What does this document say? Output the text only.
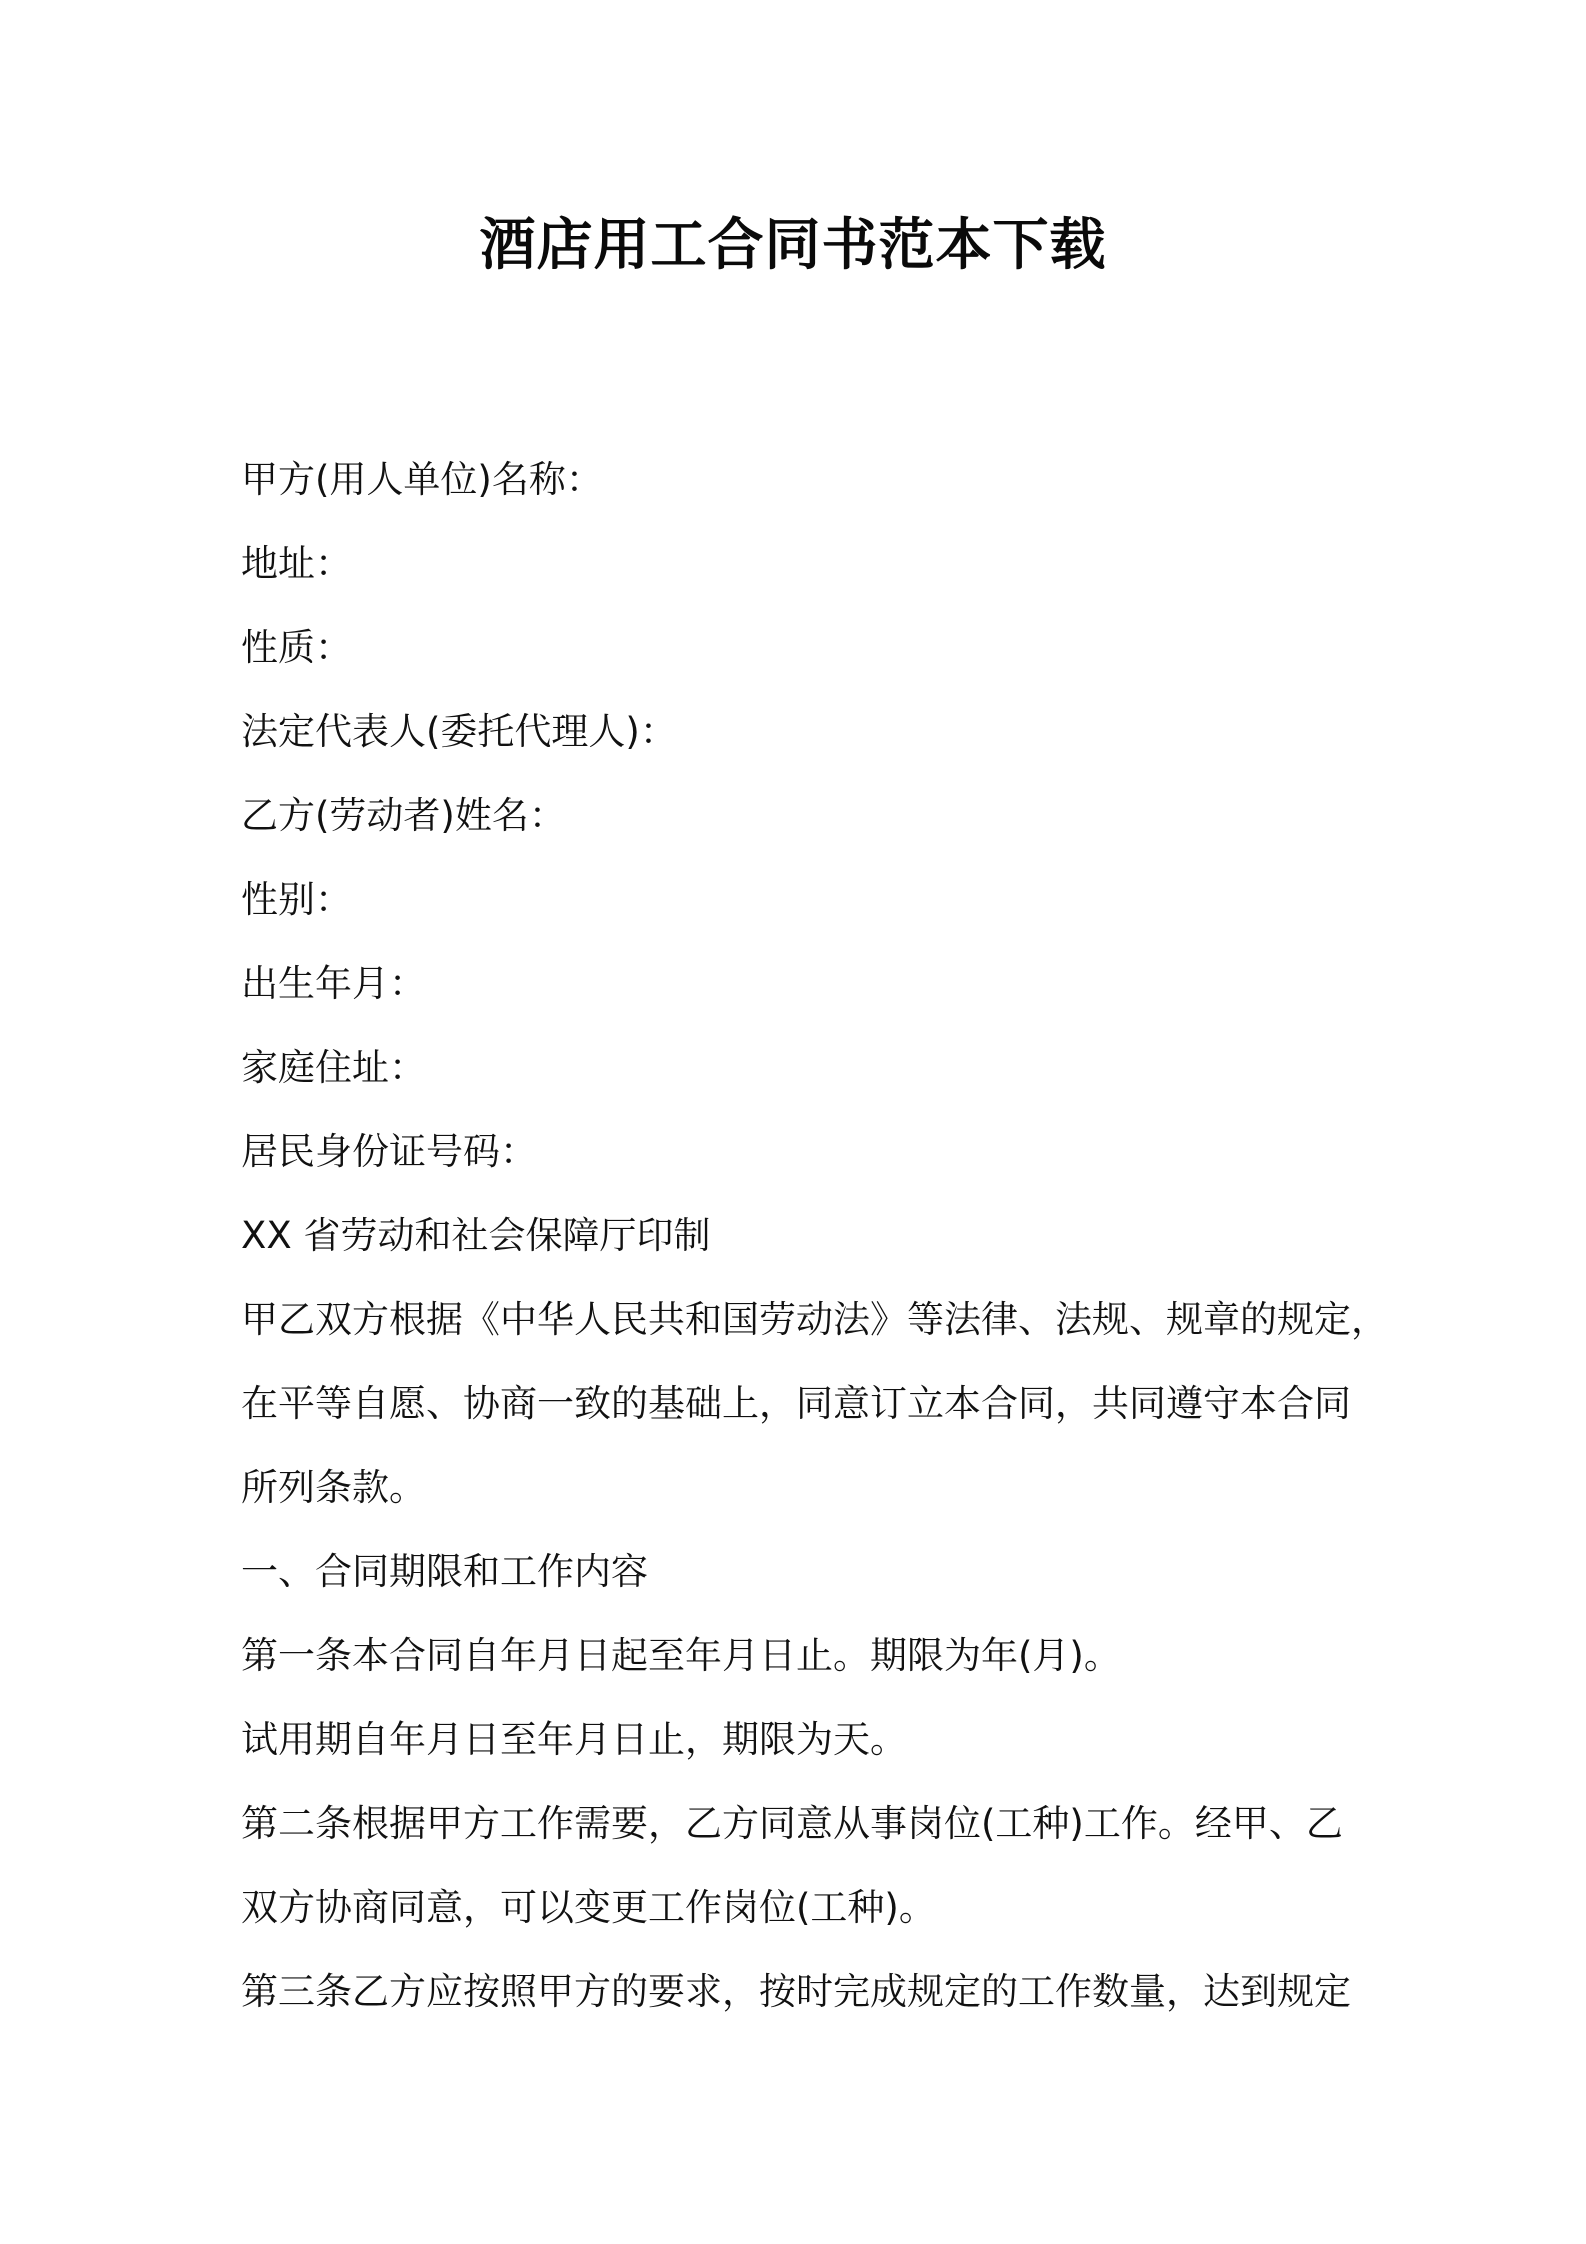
酒店用工合同书范本下载
甲方(用人单位)名称：
地址：
性质：
法定代表人(委托代理人)：
乙方(劳动者)姓名：
性别：
出生年月：
家庭住址：
居民身份证号码：
XX 省劳动和社会保障厅印制
甲乙双方根据《中华人民共和国劳动法》等法律、法规、规章的规定，
在平等自愿、协商一致的基础上，同意订立本合同，共同遵守本合同
所列条款。
一、合同期限和工作内容
第一条本合同自年月日起至年月日止。期限为年(月)。
试用期自年月日至年月日止，期限为天。
第二条根据甲方工作需要，乙方同意从事岗位(工种)工作。经甲、乙
双方协商同意，可以变更工作岗位(工种)。
第三条乙方应按照甲方的要求，按时完成规定的工作数量，达到规定
